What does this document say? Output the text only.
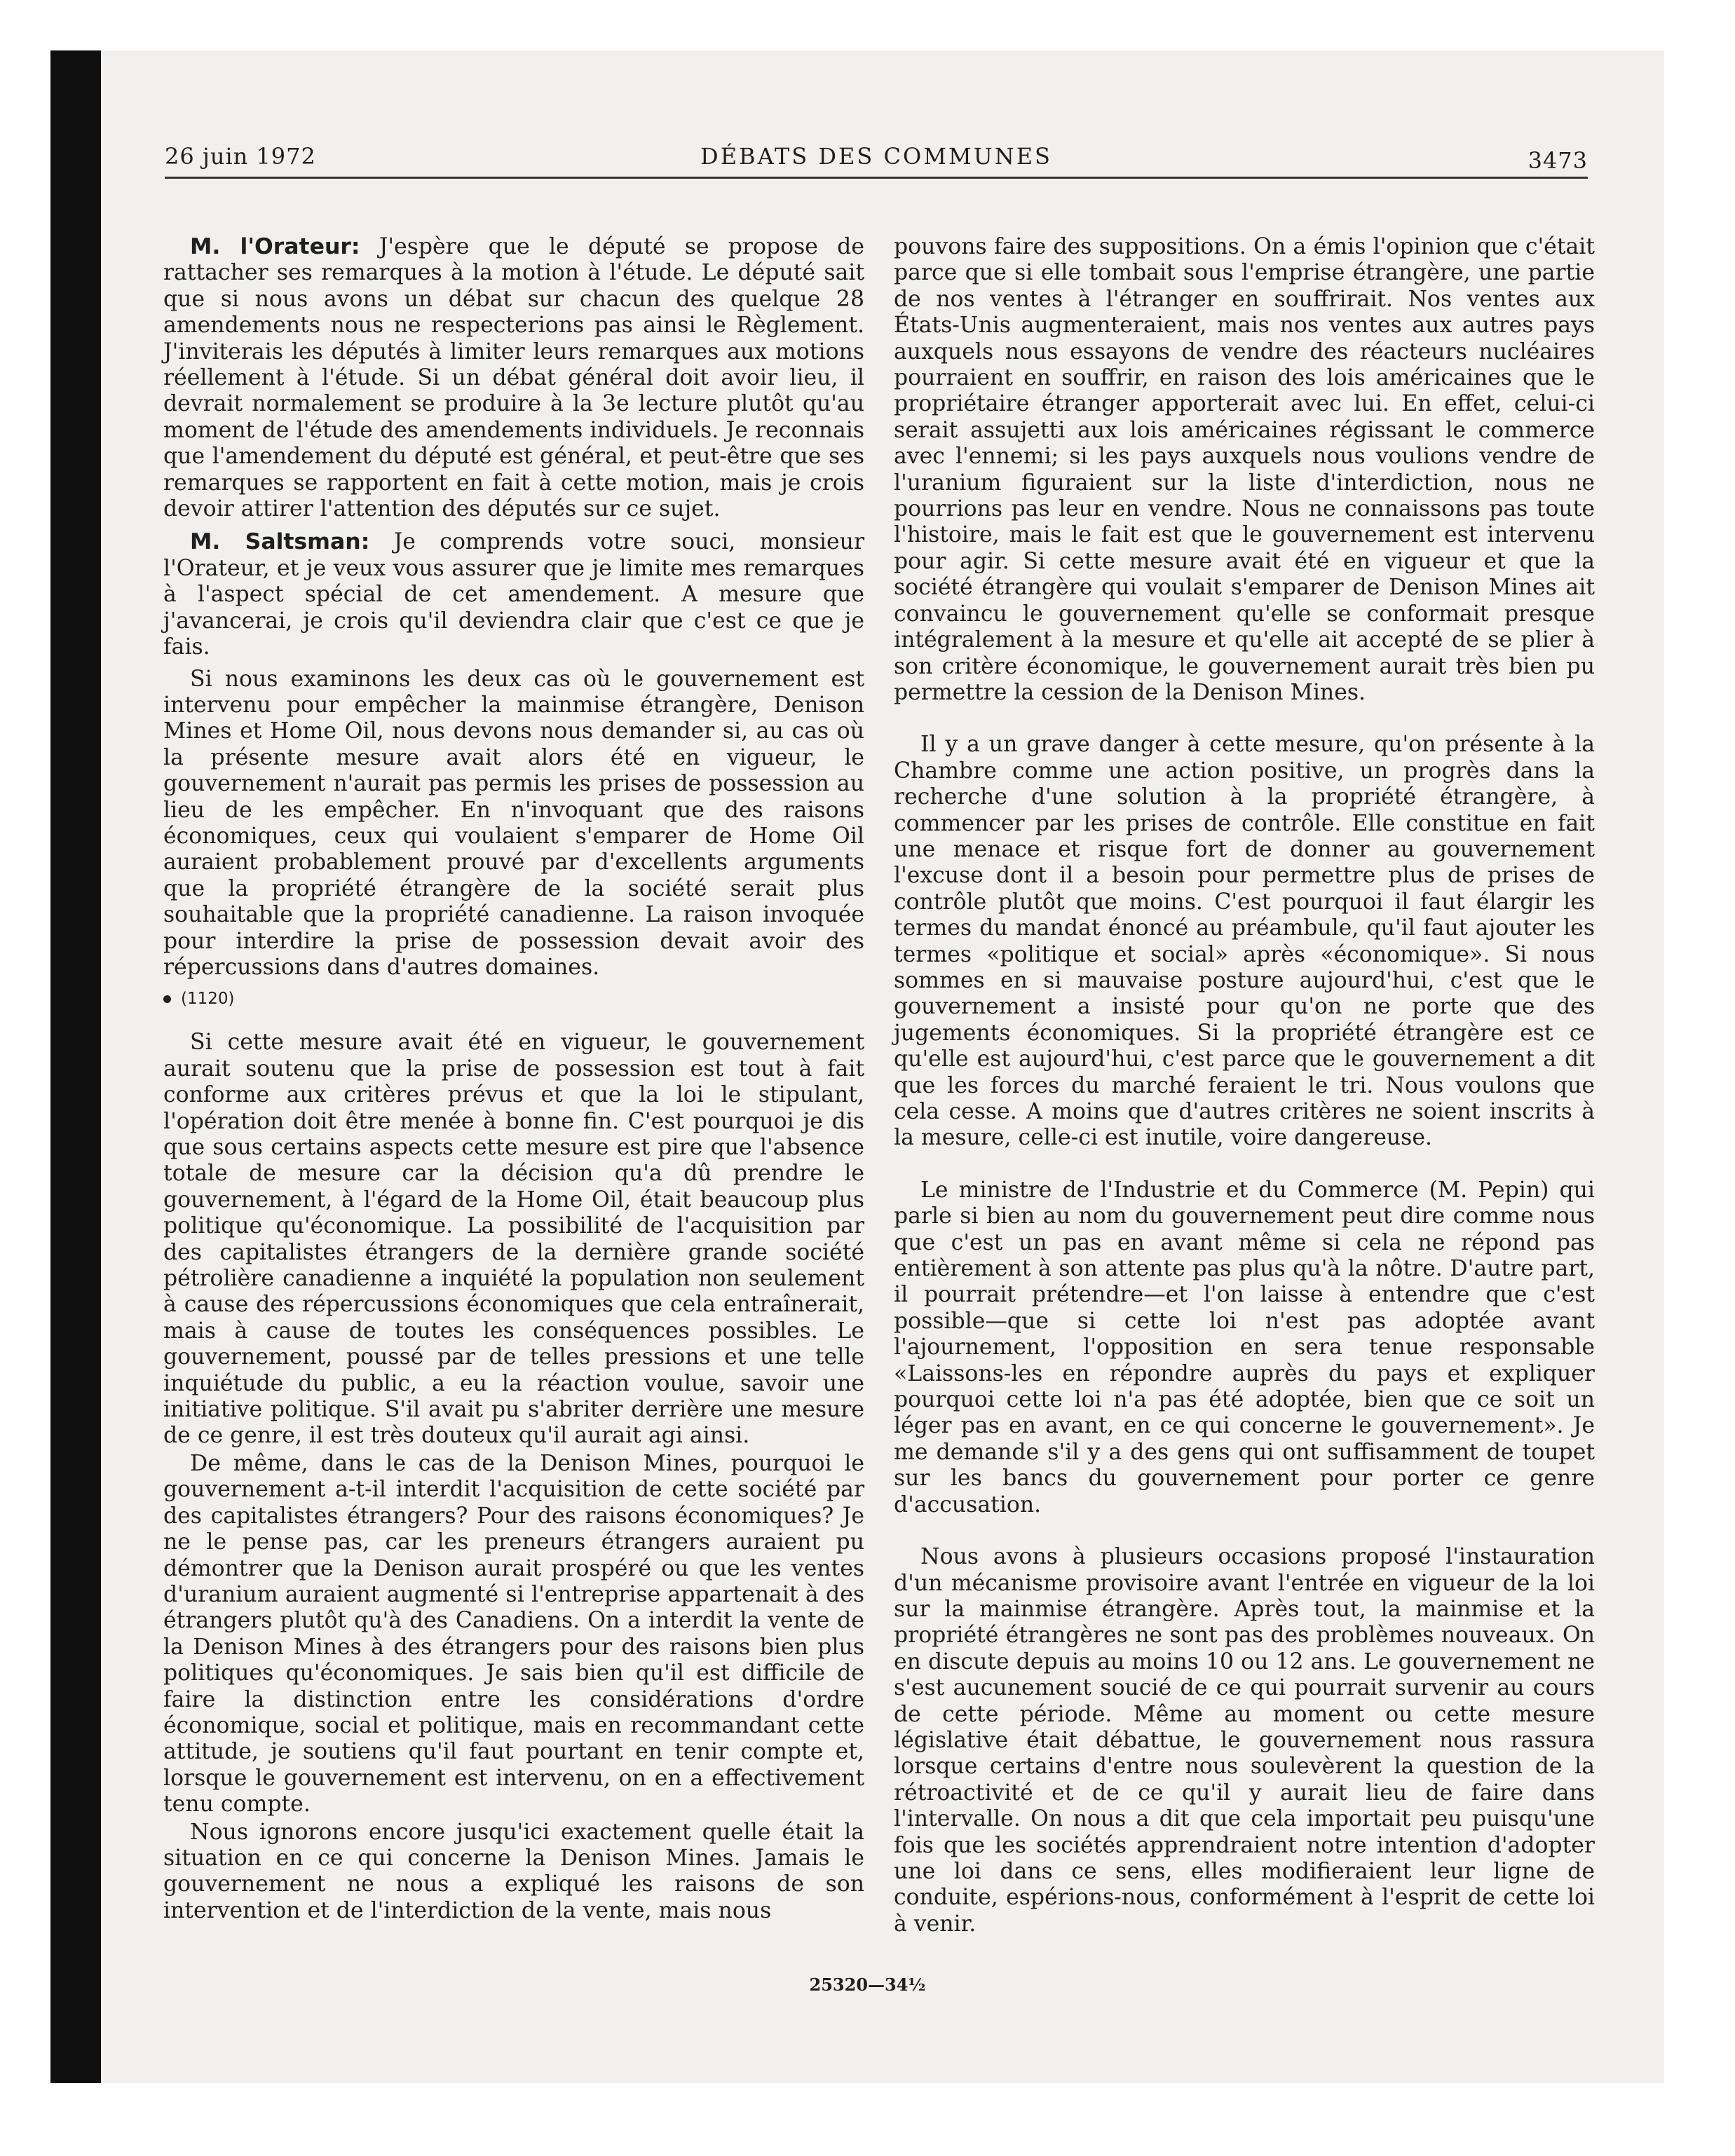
26 juin 1972	DÉBATS DES COMMUNES	3473

M. l'Orateur: J'espère que le député se propose de rattacher ses remarques à la motion à l'étude. Le député sait que si nous avons un débat sur chacun des quelque 28 amendements nous ne respecterions pas ainsi le Règlement. J'inviterais les députés à limiter leurs remarques aux motions réellement à l'étude. Si un débat général doit avoir lieu, il devrait normalement se produire à la 3e lecture plutôt qu'au moment de l'étude des amendements individuels. Je reconnais que l'amendement du député est général, et peut-être que ses remarques se rapportent en fait à cette motion, mais je crois devoir attirer l'attention des députés sur ce sujet.

M. Saltsman: Je comprends votre souci, monsieur l'Orateur, et je veux vous assurer que je limite mes remarques à l'aspect spécial de cet amendement. A mesure que j'avancerai, je crois qu'il deviendra clair que c'est ce que je fais.

Si nous examinons les deux cas où le gouvernement est intervenu pour empêcher la mainmise étrangère, Denison Mines et Home Oil, nous devons nous demander si, au cas où la présente mesure avait alors été en vigueur, le gouvernement n'aurait pas permis les prises de possession au lieu de les empêcher. En n'invoquant que des raisons économiques, ceux qui voulaient s'emparer de Home Oil auraient probablement prouvé par d'excellents arguments que la propriété étrangère de la société serait plus souhaitable que la propriété canadienne. La raison invoquée pour interdire la prise de possession devait avoir des répercussions dans d'autres domaines.

(1120)

Si cette mesure avait été en vigueur, le gouvernement aurait soutenu que la prise de possession est tout à fait conforme aux critères prévus et que la loi le stipulant, l'opération doit être menée à bonne fin. C'est pourquoi je dis que sous certains aspects cette mesure est pire que l'absence totale de mesure car la décision qu'a dû prendre le gouvernement, à l'égard de la Home Oil, était beaucoup plus politique qu'économique. La possibilité de l'acquisition par des capitalistes étrangers de la dernière grande société pétrolière canadienne a inquiété la population non seulement à cause des répercussions économiques que cela entraînerait, mais à cause de toutes les conséquences possibles. Le gouvernement, poussé par de telles pressions et une telle inquiétude du public, a eu la réaction voulue, savoir une initiative politique. S'il avait pu s'abriter derrière une mesure de ce genre, il est très douteux qu'il aurait agi ainsi.

De même, dans le cas de la Denison Mines, pourquoi le gouvernement a-t-il interdit l'acquisition de cette société par des capitalistes étrangers? Pour des raisons économiques? Je ne le pense pas, car les preneurs étrangers auraient pu démontrer que la Denison aurait prospéré ou que les ventes d'uranium auraient augmenté si l'entreprise appartenait à des étrangers plutôt qu'à des Canadiens. On a interdit la vente de la Denison Mines à des étrangers pour des raisons bien plus politiques qu'économiques. Je sais bien qu'il est difficile de faire la distinction entre les considérations d'ordre économique, social et politique, mais en recommandant cette attitude, je soutiens qu'il faut pourtant en tenir compte et, lorsque le gouvernement est intervenu, on en a effectivement tenu compte.

Nous ignorons encore jusqu'ici exactement quelle était la situation en ce qui concerne la Denison Mines. Jamais le gouvernement ne nous a expliqué les raisons de son intervention et de l'interdiction de la vente, mais nous

pouvons faire des suppositions. On a émis l'opinion que c'était parce que si elle tombait sous l'emprise étrangère, une partie de nos ventes à l'étranger en souffrirait. Nos ventes aux États-Unis augmenteraient, mais nos ventes aux autres pays auxquels nous essayons de vendre des réacteurs nucléaires pourraient en souffrir, en raison des lois américaines que le propriétaire étranger apporterait avec lui. En effet, celui-ci serait assujetti aux lois américaines régissant le commerce avec l'ennemi; si les pays auxquels nous voulions vendre de l'uranium figuraient sur la liste d'interdiction, nous ne pourrions pas leur en vendre. Nous ne connaissons pas toute l'histoire, mais le fait est que le gouvernement est intervenu pour agir. Si cette mesure avait été en vigueur et que la société étrangère qui voulait s'emparer de Denison Mines ait convaincu le gouvernement qu'elle se conformait presque intégralement à la mesure et qu'elle ait accepté de se plier à son critère économique, le gouvernement aurait très bien pu permettre la cession de la Denison Mines.

Il y a un grave danger à cette mesure, qu'on présente à la Chambre comme une action positive, un progrès dans la recherche d'une solution à la propriété étrangère, à commencer par les prises de contrôle. Elle constitue en fait une menace et risque fort de donner au gouvernement l'excuse dont il a besoin pour permettre plus de prises de contrôle plutôt que moins. C'est pourquoi il faut élargir les termes du mandat énoncé au préambule, qu'il faut ajouter les termes «politique et social» après «économique». Si nous sommes en si mauvaise posture aujourd'hui, c'est que le gouvernement a insisté pour qu'on ne porte que des jugements économiques. Si la propriété étrangère est ce qu'elle est aujourd'hui, c'est parce que le gouvernement a dit que les forces du marché feraient le tri. Nous voulons que cela cesse. A moins que d'autres critères ne soient inscrits à la mesure, celle-ci est inutile, voire dangereuse.

Le ministre de l'Industrie et du Commerce (M. Pepin) qui parle si bien au nom du gouvernement peut dire comme nous que c'est un pas en avant même si cela ne répond pas entièrement à son attente pas plus qu'à la nôtre. D'autre part, il pourrait prétendre—et l'on laisse à entendre que c'est possible—que si cette loi n'est pas adoptée avant l'ajournement, l'opposition en sera tenue responsable «Laissons-les en répondre auprès du pays et expliquer pourquoi cette loi n'a pas été adoptée, bien que ce soit un léger pas en avant, en ce qui concerne le gouvernement». Je me demande s'il y a des gens qui ont suffisamment de toupet sur les bancs du gouvernement pour porter ce genre d'accusation.

Nous avons à plusieurs occasions proposé l'instauration d'un mécanisme provisoire avant l'entrée en vigueur de la loi sur la mainmise étrangère. Après tout, la mainmise et la propriété étrangères ne sont pas des problèmes nouveaux. On en discute depuis au moins 10 ou 12 ans. Le gouvernement ne s'est aucunement soucié de ce qui pourrait survenir au cours de cette période. Même au moment ou cette mesure législative était débattue, le gouvernement nous rassura lorsque certains d'entre nous soulevèrent la question de la rétroactivité et de ce qu'il y aurait lieu de faire dans l'intervalle. On nous a dit que cela importait peu puisqu'une fois que les sociétés apprendraient notre intention d'adopter une loi dans ce sens, elles modifieraient leur ligne de conduite, espérions-nous, conformément à l'esprit de cette loi à venir.

25320—34½
